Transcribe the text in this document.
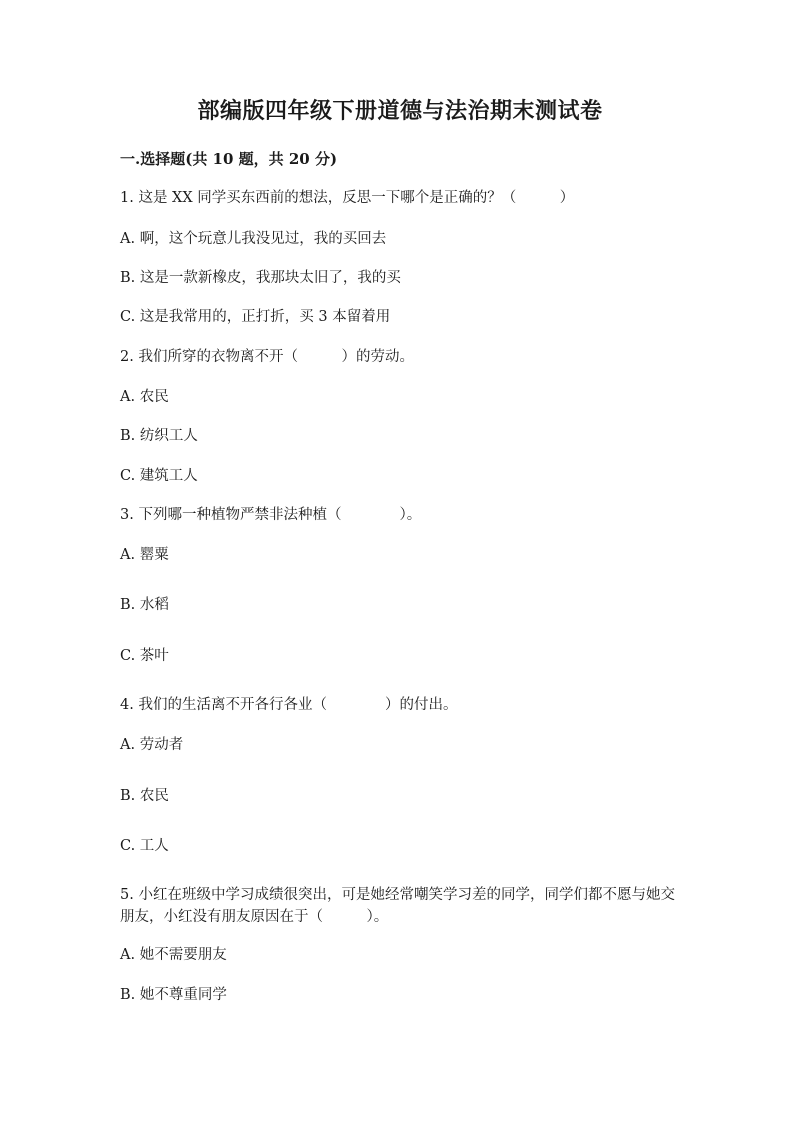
部编版四年级下册道德与法治期末测试卷
一.选择题(共 10 题，共 20 分)
1. 这是 XX 同学买东西前的想法，反思一下哪个是正确的？（　　　）
A. 啊，这个玩意儿我没见过，我的买回去
B. 这是一款新橡皮，我那块太旧了，我的买
C. 这是我常用的，正打折，买 3 本留着用
2. 我们所穿的衣物离不开（　　　）的劳动。
A. 农民
B. 纺织工人
C. 建筑工人
3. 下列哪一种植物严禁非法种植（　　　　）。
A. 罂粟
B. 水稻
C. 茶叶
4. 我们的生活离不开各行各业（　　　　）的付出。
A. 劳动者
B. 农民
C. 工人
5. 小红在班级中学习成绩很突出，可是她经常嘲笑学习差的同学，同学们都不愿与她交朋友，小红没有朋友原因在于（　　　）。
A. 她不需要朋友
B. 她不尊重同学
